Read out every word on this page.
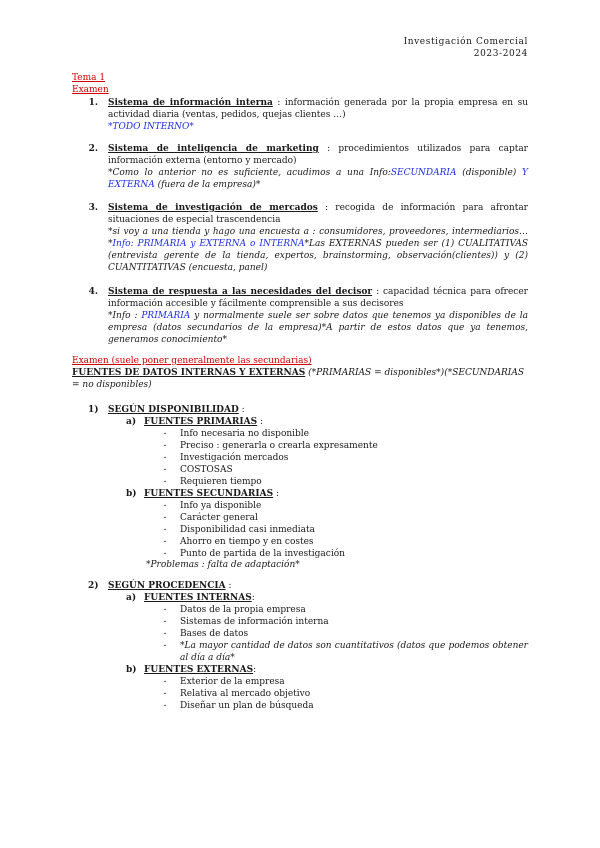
Investigación Comercial
2023-2024
Tema 1
Examen
1. Sistema de información interna : información generada por la propia empresa en su actividad diaria (ventas, pedidos, quejas clientes …)
*TODO INTERNO*
2. Sistema de inteligencia de marketing : procedimientos utilizados para captar información externa (entorno y mercado)
*Como lo anterior no es suficiente, acudimos a una Info:SECUNDARIA (disponible) Y EXTERNA (fuera de la empresa)*
3. Sistema de investigación de mercados : recogida de información para afrontar situaciones de especial trascendencia
*si voy a una tienda y hago una encuesta a : consumidores, proveedores, intermediarios…*Info: PRIMARIA y EXTERNA o INTERNA*Las EXTERNAS pueden ser (1) CUALITATIVAS (entrevista gerente de la tienda, expertos, brainstorming, observación(clientes)) y (2) CUANTITATIVAS (encuesta, panel)
4. Sistema de respuesta a las necesidades del decisor : capacidad técnica para ofrecer información accesible y fácilmente comprensible a sus decisores
*Info : PRIMARIA y normalmente suele ser sobre datos que tenemos ya disponibles de la empresa (datos secundarios de la empresa)*A partir de estos datos que ya tenemos, generamos conocimiento*
Examen (suele poner generalmente las secundarias)
FUENTES DE DATOS INTERNAS Y EXTERNAS (*PRIMARIAS = disponibles*)(*SECUNDARIAS = no disponibles)
1) SEGÚN DISPONIBILIDAD :
a) FUENTES PRIMARIAS :
-	Info necesaria no disponible
-	Preciso : generarla o crearla expresamente
-	Investigación mercados
-	COSTOSAS
-	Requieren tiempo
b) FUENTES SECUNDARIAS :
-	Info ya disponible
-	Carácter general
-	Disponibilidad casi inmediata
-	Ahorro en tiempo y en costes
-	Punto de partida de la investigación
*Problemas : falta de adaptación*
2) SEGÚN PROCEDENCIA :
a) FUENTES INTERNAS:
-	Datos de la propia empresa
-	Sistemas de información interna
-	Bases de datos
-	*La mayor cantidad de datos son cuantitativos (datos que podemos obtener al día a día*
b) FUENTES EXTERNAS:
-	Exterior de la empresa
-	Relativa al mercado objetivo
-	Diseñar un plan de búsqueda
